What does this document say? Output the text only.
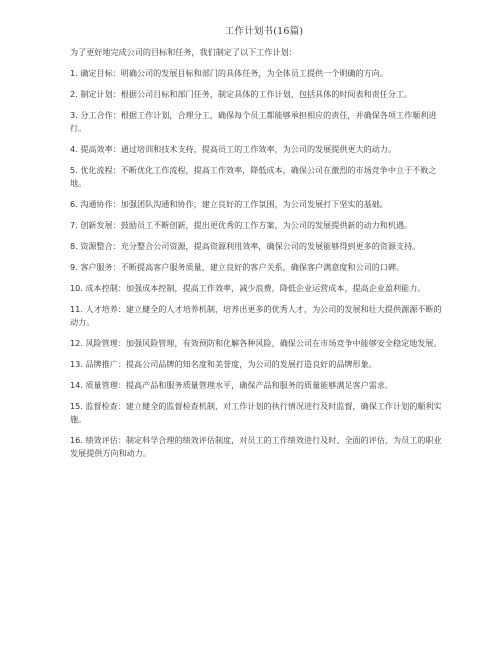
工作计划书(16篇)
为了更好地完成公司的目标和任务，我们制定了以下工作计划：
1. 确定目标：明确公司的发展目标和部门的具体任务，为全体员工提供一个明确的方向。
2. 制定计划：根据公司目标和部门任务，制定具体的工作计划，包括具体的时间表和责任分工。
3. 分工合作：根据工作计划，合理分工，确保每个员工都能够承担相应的责任，并确保各项工作顺利进行。
4. 提高效率：通过培训和技术支持，提高员工的工作效率，为公司的发展提供更大的动力。
5. 优化流程：不断优化工作流程，提高工作效率，降低成本，确保公司在激烈的市场竞争中立于不败之地。
6. 沟通协作：加强团队沟通和协作，建立良好的工作氛围，为公司发展打下坚实的基础。
7. 创新发展：鼓励员工不断创新，提出更优秀的工作方案，为公司的发展提供新的动力和机遇。
8. 资源整合：充分整合公司资源，提高资源利用效率，确保公司的发展能够得到更多的资源支持。
9. 客户服务：不断提高客户服务质量，建立良好的客户关系，确保客户满意度和公司的口碑。
10. 成本控制：加强成本控制，提高工作效率，减少浪费，降低企业运营成本，提高企业盈利能力。
11. 人才培养：建立健全的人才培养机制，培养出更多的优秀人才，为公司的发展和壮大提供源源不断的动力。
12. 风险管理：加强风险管理，有效预防和化解各种风险，确保公司在市场竞争中能够安全稳定地发展。
13. 品牌推广：提高公司品牌的知名度和美誉度，为公司的发展打造良好的品牌形象。
14. 质量管理：提高产品和服务质量管理水平，确保产品和服务的质量能够满足客户需求。
15. 监督检查：建立健全的监督检查机制，对工作计划的执行情况进行及时监督，确保工作计划的顺利实施。
16. 绩效评估：制定科学合理的绩效评估制度，对员工的工作绩效进行及时、全面的评估，为员工的职业发展提供方向和动力。
